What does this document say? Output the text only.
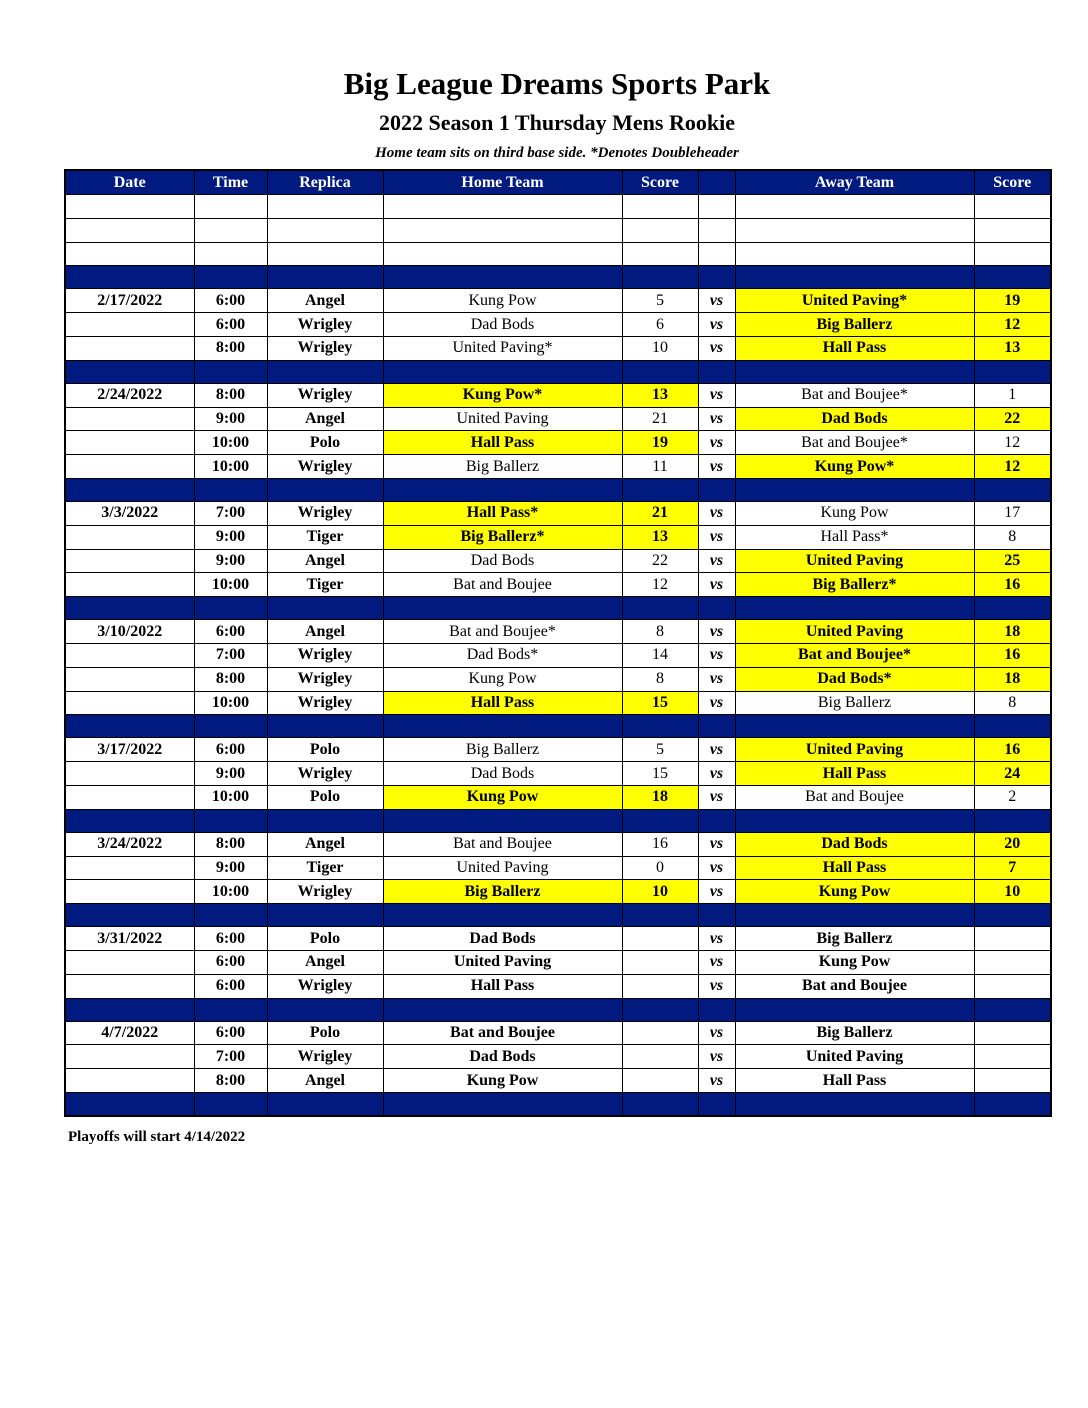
Big League Dreams Sports Park
2022 Season 1 Thursday Mens Rookie

Home team sits on third base side. *Denotes Doubleheader

Date	Time	Replica	Home Team	Score		Away Team	Score

2/17/2022	6:00	Angel	Kung Pow	5	vs	United Paving*	19
	6:00	Wrigley	Dad Bods	6	vs	Big Ballerz	12
	8:00	Wrigley	United Paving*	10	vs	Hall Pass	13

2/24/2022	8:00	Wrigley	Kung Pow*	13	vs	Bat and Boujee*	1
	9:00	Angel	United Paving	21	vs	Dad Bods	22
	10:00	Polo	Hall Pass	19	vs	Bat and Boujee*	12
	10:00	Wrigley	Big Ballerz	11	vs	Kung Pow*	12

3/3/2022	7:00	Wrigley	Hall Pass*	21	vs	Kung Pow	17
	9:00	Tiger	Big Ballerz*	13	vs	Hall Pass*	8
	9:00	Angel	Dad Bods	22	vs	United Paving	25
	10:00	Tiger	Bat and Boujee	12	vs	Big Ballerz*	16

3/10/2022	6:00	Angel	Bat and Boujee*	8	vs	United Paving	18
	7:00	Wrigley	Dad Bods*	14	vs	Bat and Boujee*	16
	8:00	Wrigley	Kung Pow	8	vs	Dad Bods*	18
	10:00	Wrigley	Hall Pass	15	vs	Big Ballerz	8

3/17/2022	6:00	Polo	Big Ballerz	5	vs	United Paving	16
	9:00	Wrigley	Dad Bods	15	vs	Hall Pass	24
	10:00	Polo	Kung Pow	18	vs	Bat and Boujee	2

3/24/2022	8:00	Angel	Bat and Boujee	16	vs	Dad Bods	20
	9:00	Tiger	United Paving	0	vs	Hall Pass	7
	10:00	Wrigley	Big Ballerz	10	vs	Kung Pow	10

3/31/2022	6:00	Polo	Dad Bods		vs	Big Ballerz	
	6:00	Angel	United Paving		vs	Kung Pow	
	6:00	Wrigley	Hall Pass		vs	Bat and Boujee	

4/7/2022	6:00	Polo	Bat and Boujee		vs	Big Ballerz	
	7:00	Wrigley	Dad Bods		vs	United Paving	
	8:00	Angel	Kung Pow		vs	Hall Pass	

Playoffs will start 4/14/2022
